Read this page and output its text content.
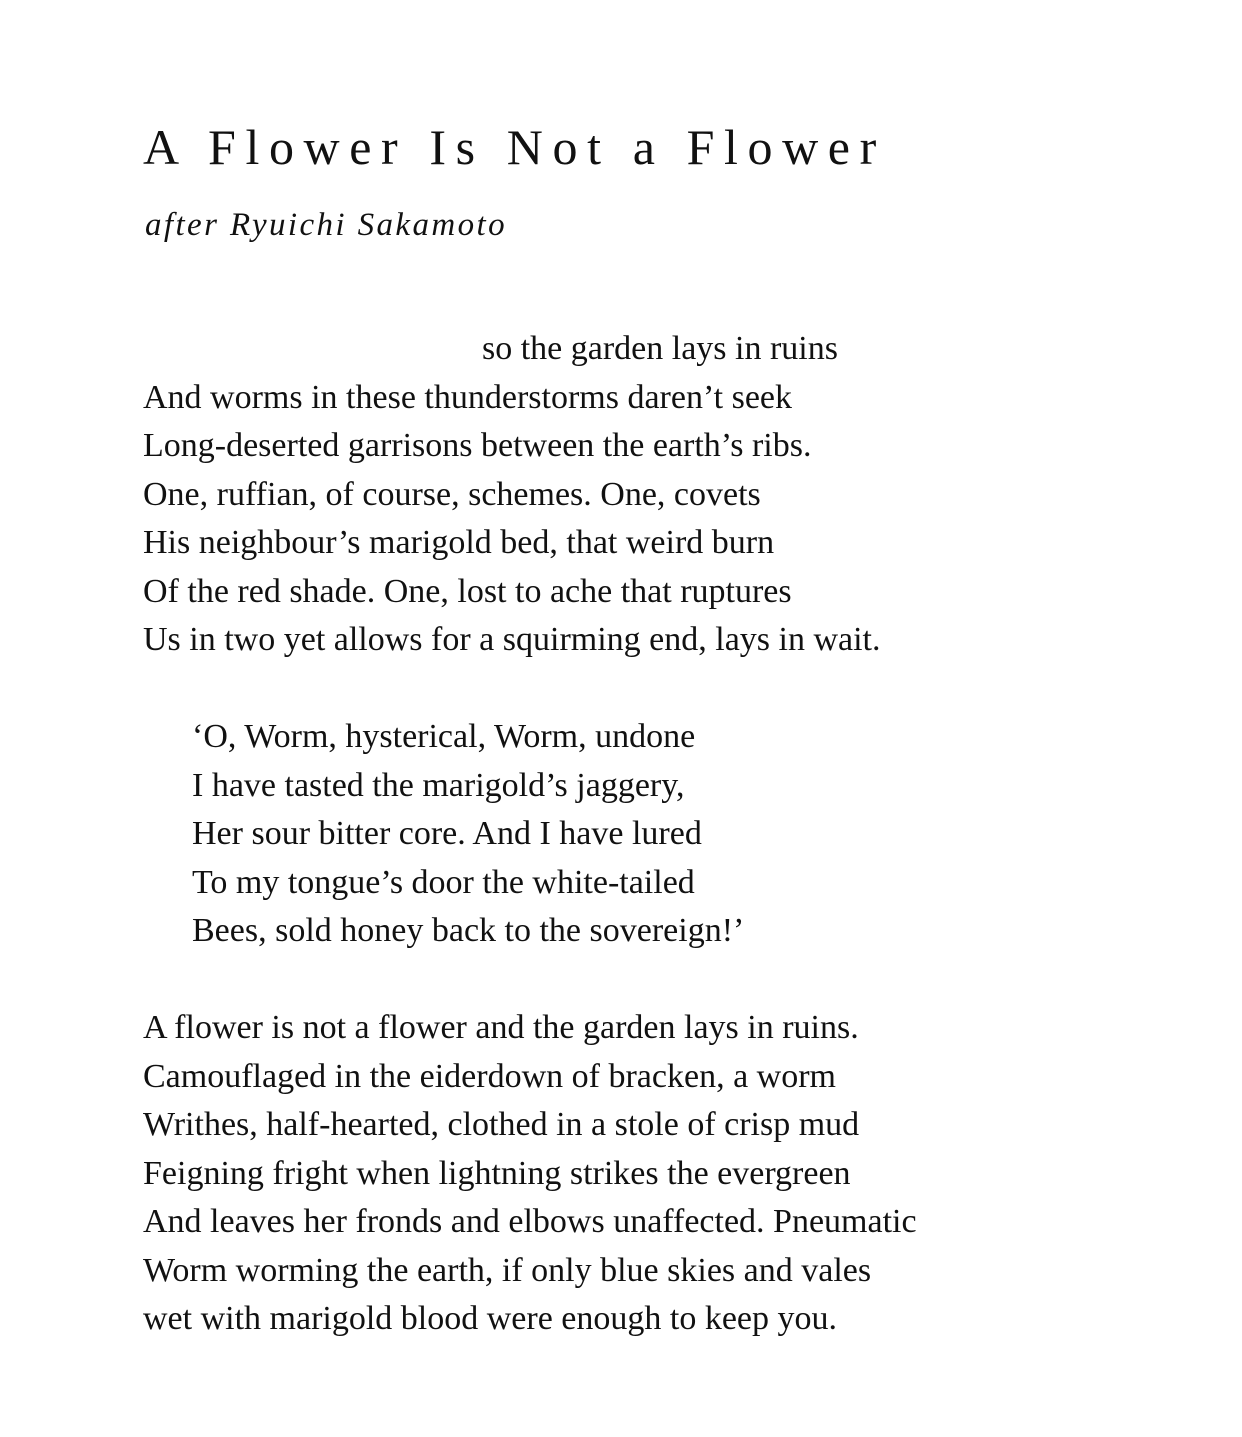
A Flower Is Not a Flower

after Ryuichi Sakamoto

so the garden lays in ruins
And worms in these thunderstorms daren’t seek
Long-deserted garrisons between the earth’s ribs.
One, ruffian, of course, schemes. One, covets
His neighbour’s marigold bed, that weird burn
Of the red shade. One, lost to ache that ruptures
Us in two yet allows for a squirming end, lays in wait.
‘O, Worm, hysterical, Worm, undone
I have tasted the marigold’s jaggery,
Her sour bitter core. And I have lured
To my tongue’s door the white-tailed
Bees, sold honey back to the sovereign!’
A flower is not a flower and the garden lays in ruins.
Camouflaged in the eiderdown of bracken, a worm
Writhes, half-hearted, clothed in a stole of crisp mud
Feigning fright when lightning strikes the evergreen
And leaves her fronds and elbows unaffected. Pneumatic
Worm worming the earth, if only blue skies and vales
wet with marigold blood were enough to keep you.
